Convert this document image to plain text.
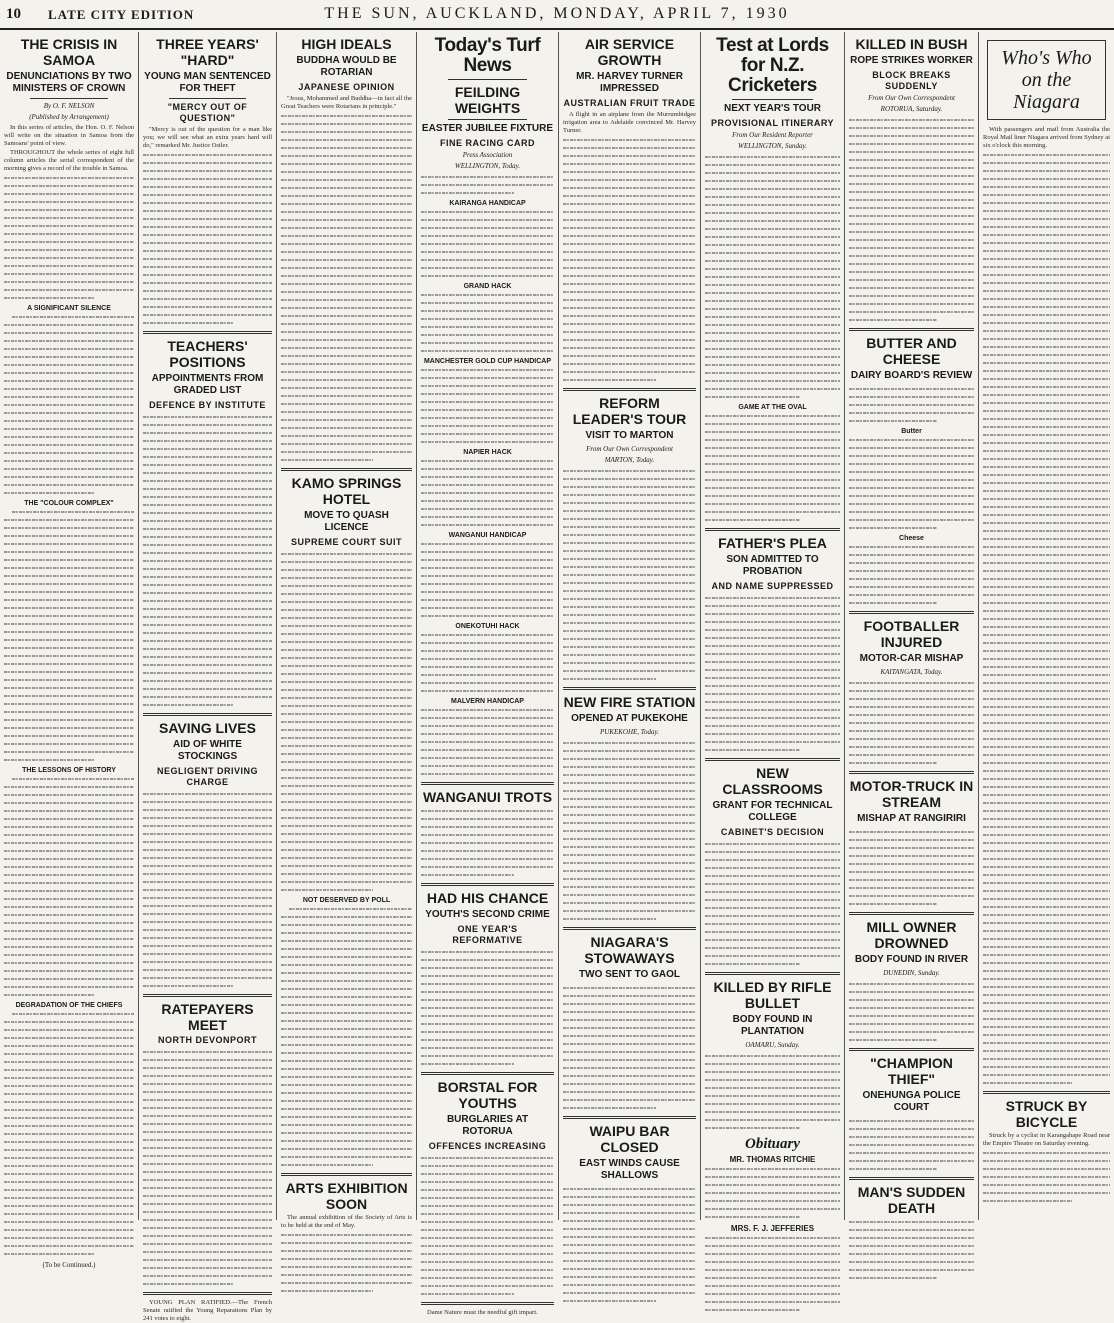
10 LATE CITY EDITION	THE SUN, AUCKLAND, MONDAY, APRIL 7, 1930
THE CRISIS IN SAMOA
DENUNCIATIONS BY TWO MINISTERS OF CROWN
By O. F. NELSON
(Published by Arrangement)

In this series of articles, the Hon. O. F. Nelson will write on the situation in Samoa from the Samoans' point of view.

THROUGHOUT the whole series of eight full column articles the serial correspondent of the morning gives a record of the trouble in Samoa.

A SIGNIFICANT SILENCE
THE "COLOUR COMPLEX"
THE LESSONS OF HISTORY
DEGRADATION OF THE CHIEFS
(To be Continued.)
THREE YEARS' "HARD"
YOUNG MAN SENTENCED FOR THEFT
"MERCY OUT OF QUESTION"

"Mercy is out of the question for a man like you; we will see what an extra years hard will do," remarked Mr. Justice Ostler.

TEACHERS' POSITIONS
APPOINTMENTS FROM GRADED LIST
DEFENCE BY INSTITUTE
SAVING LIVES
AID OF WHITE STOCKINGS
NEGLIGENT DRIVING CHARGE
RATEPAYERS MEET
NORTH DEVONPORT

YOUNG PLAN RATIFIED.—The French Senate ratified the Young Reparations Plan by 241 votes to eight.

HIGH IDEALS
BUDDHA WOULD BE ROTARIAN
JAPANESE OPINION

"Jesus, Mohammed and Buddha—in fact all the Great Teachers were Rotarians in principle."

KAMO SPRINGS HOTEL
MOVE TO QUASH LICENCE
SUPREME COURT SUIT
NOT DESERVED BY POLL
ARTS EXHIBITION SOON

The annual exhibition of the Society of Arts is to be held at the end of May.

Today's Turf News
FEILDING WEIGHTS
EASTER JUBILEE FIXTURE
FINE RACING CARD
Press Association
WELLINGTON, Today.
KAIRANGA HANDICAP
GRAND HACK
MANCHESTER GOLD CUP HANDICAP
NAPIER HACK
WANGANUI HANDICAP
ONEKOTUHI HACK
MALVERN HANDICAP
WANGANUI TROTS
HAD HIS CHANCE
YOUTH'S SECOND CRIME
ONE YEAR'S REFORMATIVE
BORSTAL FOR YOUTHS
BURGLARIES AT ROTORUA
OFFENCES INCREASING

Dame Nature must the needful gift impart.

AIR SERVICE GROWTH
MR. HARVEY TURNER IMPRESSED
AUSTRALIAN FRUIT TRADE

A flight in an airplane from the Murrumbidgee irrigation area to Adelaide convinced Mr. Harvey Turner.

REFORM LEADER'S TOUR
VISIT TO MARTON
From Our Own Correspondent
MARTON, Today.
NEW FIRE STATION
OPENED AT PUKEKOHE
PUKEKOHE, Today.
NIAGARA'S STOWAWAYS
TWO SENT TO GAOL
WAIPU BAR CLOSED
EAST WINDS CAUSE SHALLOWS
Test at Lords for N.Z. Cricketers
NEXT YEAR'S TOUR
PROVISIONAL ITINERARY
From Our Resident Reporter
WELLINGTON, Sunday.
GAME AT THE OVAL
FATHER'S PLEA
SON ADMITTED TO PROBATION
AND NAME SUPPRESSED
NEW CLASSROOMS
GRANT FOR TECHNICAL COLLEGE
CABINET'S DECISION
KILLED BY RIFLE BULLET
BODY FOUND IN PLANTATION
OAMARU, Sunday.
Obituary
MR. THOMAS RITCHIE
MRS. F. J. JEFFERIES
KILLED IN BUSH
ROPE STRIKES WORKER
BLOCK BREAKS SUDDENLY
From Our Own Correspondent
ROTORUA, Saturday.
BUTTER AND CHEESE
DAIRY BOARD'S REVIEW
Butter
Cheese
FOOTBALLER INJURED
MOTOR-CAR MISHAP
KAITANGATA, Today.
MOTOR-TRUCK IN STREAM
MISHAP AT RANGIRIRI
MILL OWNER DROWNED
BODY FOUND IN RIVER
DUNEDIN, Sunday.
"CHAMPION THIEF"
ONEHUNGA POLICE COURT
MAN'S SUDDEN DEATH
Who's Who on the Niagara

With passengers and mail from Australia the Royal Mail liner Niagara arrived from Sydney at six o'clock this morning.

STRUCK BY BICYCLE

Struck by a cyclist in Karangahape Road near the Empire Theatre on Saturday evening.
